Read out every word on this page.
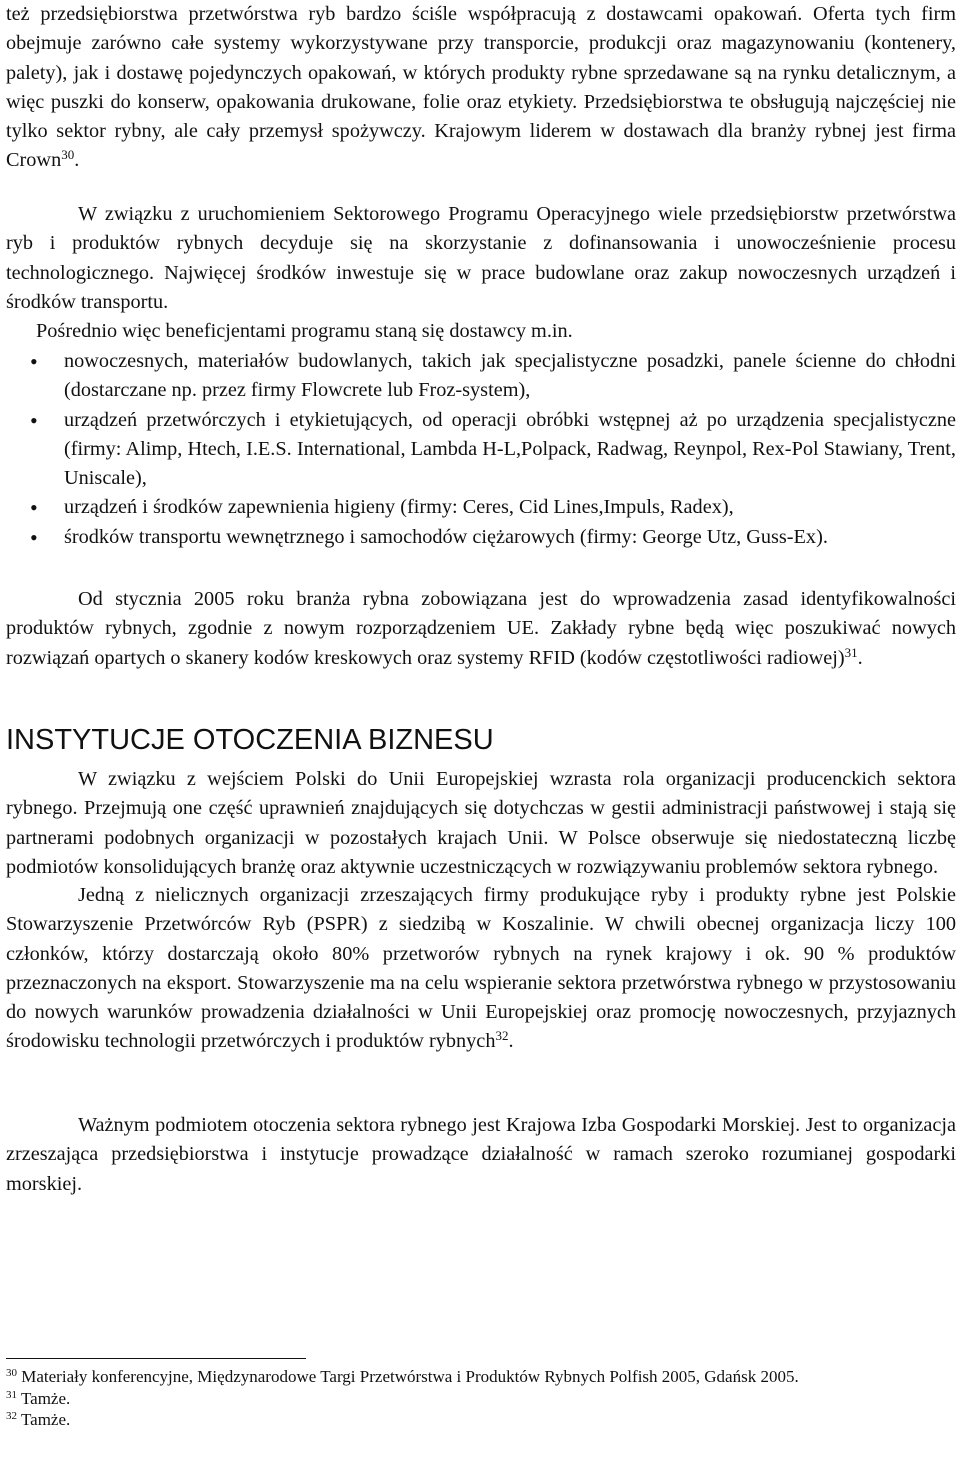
też przedsiębiorstwa przetwórstwa ryb bardzo ściśle współpracują z dostawcami opakowań. Oferta tych firm obejmuje zarówno całe systemy wykorzystywane przy transporcie, produkcji oraz magazynowaniu (kontenery, palety), jak i dostawę pojedynczych opakowań, w których produkty rybne sprzedawane są na rynku detalicznym, a więc puszki do konserw, opakowania drukowane, folie oraz etykiety. Przedsiębiorstwa te obsługują najczęściej nie tylko sektor rybny, ale cały przemysł spożywczy. Krajowym liderem w dostawach dla branży rybnej jest firma Crown$^{30}$.

W związku z uruchomieniem Sektorowego Programu Operacyjnego wiele przedsiębiorstw przetwórstwa ryb i produktów rybnych decyduje się na skorzystanie z dofinansowania i unowocześnienie procesu technologicznego. Najwięcej środków inwestuje się w prace budowlane oraz zakup nowoczesnych urządzeń i środków transportu.

Pośrednio więc beneficjentami programu staną się dostawcy m.in.

• nowoczesnych, materiałów budowlanych, takich jak specjalistyczne posadzki, panele ścienne do chłodni (dostarczane np. przez firmy Flowcrete lub Froz-system),
• urządzeń przetwórczych i etykietujących, od operacji obróbki wstępnej aż po urządzenia specjalistyczne (firmy: Alimp, Htech, I.E.S. International, Lambda H-L,Polpack, Radwag, Reynpol, Rex-Pol Stawiany, Trent, Uniscale),
• urządzeń i środków zapewnienia higieny (firmy: Ceres, Cid Lines,Impuls, Radex),
• środków transportu wewnętrznego i samochodów ciężarowych (firmy: George Utz, Guss-Ex).

Od stycznia 2005 roku branża rybna zobowiązana jest do wprowadzenia zasad identyfikowalności produktów rybnych, zgodnie z nowym rozporządzeniem UE. Zakłady rybne będą więc poszukiwać nowych rozwiązań opartych o skanery kodów kreskowych oraz systemy RFID (kodów częstotliwości radiowej)$^{31}$.

INSTYTUCJE OTOCZENIA BIZNESU

W związku z wejściem Polski do Unii Europejskiej wzrasta rola organizacji producenckich sektora rybnego. Przejmują one część uprawnień znajdujących się dotychczas w gestii administracji państwowej i stają się partnerami podobnych organizacji w pozostałych krajach Unii. W Polsce obserwuje się niedostateczną liczbę podmiotów konsolidujących branżę oraz aktywnie uczestniczących w rozwiązywaniu problemów sektora rybnego.

Jedną z nielicznych organizacji zrzeszających firmy produkujące ryby i produkty rybne jest Polskie Stowarzyszenie Przetwórców Ryb (PSPR) z siedzibą w Koszalinie. W chwili obecnej organizacja liczy 100 członków, którzy dostarczają około 80% przetworów rybnych na rynek krajowy i ok. 90 % produktów przeznaczonych na eksport. Stowarzyszenie ma na celu wspieranie sektora przetwórstwa rybnego w przystosowaniu do nowych warunków prowadzenia działalności w Unii Europejskiej oraz promocję nowoczesnych, przyjaznych środowisku technologii przetwórczych i produktów rybnych$^{32}$.

Ważnym podmiotem otoczenia sektora rybnego jest Krajowa Izba Gospodarki Morskiej. Jest to organizacja zrzeszająca przedsiębiorstwa i instytucje prowadzące działalność w ramach szeroko rozumianej gospodarki morskiej.

$^{30}$ Materiały konferencyjne, Międzynarodowe Targi Przetwórstwa i Produktów Rybnych Polfish 2005, Gdańsk 2005.

$^{31}$ Tamże.

$^{32}$ Tamże.
